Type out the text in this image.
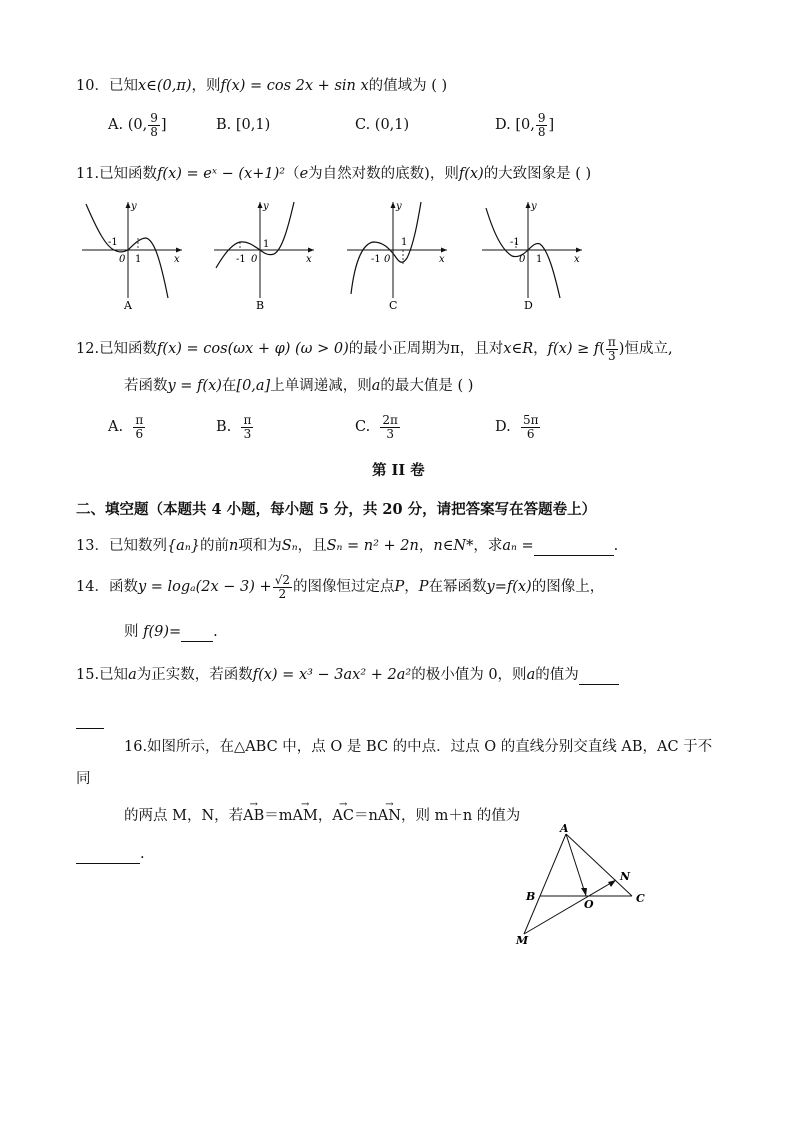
10．已知x∈(0,π)，则f(x) = cos 2x + sin x的值域为 ( )
A. (0, $\frac{9}{8}$ ]	B. [0,1)	C. (0,1)	D. [0, $\frac{9}{8}$ ]
11.已知函数f(x) = eˣ − (x+1)²（e为自然对数的底数)，则f(x)的大致图象是 ( )
y
x
-1
0 1
A
y
x
-1 0
1
B
y
x
-1 0
1
C
y
x
-1
0 1
D
12.已知函数f(x) = cos(ωx + φ) (ω > 0)的最小正周期为π，且对x∈R，$f(x) \ge f( \frac{\pi}{3}$ )恒成立,
若函数y = f(x)在[0,a]上单调递减，则a的最大值是 ( )
A. $\frac{\pi}{6}$	B. $\frac{\pi}{3}$	C. $\frac{2\pi}{3}$	D. $\frac{5\pi}{6}$
第 II 卷
二、填空题（本题共 4 小题，每小题 5 分，共 20 分，请把答案写在答题卷上）
13．已知数列{aₙ}的前n项和为Sₙ，且Sₙ = n² + 2n，n∈N*，求aₙ =	.
14．函数$y = \log_a(2x - 3) + \frac{√2}{2}$ 的图像恒过定点P，P在幂函数y=f(x)的图像上，
则 f(9)= .
15.已知a为正实数，若函数f(x) = x³ − 3ax² + 2a²的极小值为 0，则a的值为
16.如图所示，在△ABC 中，点 O 是 BC 的中点．过点 O 的直线分别交直线 AB，AC 于不
同
的两点 M，N，若→ AB＝m→ AM，→ AC＝n→ AN，则 m＋n 的值为
.
A
B	C
O
N
M
